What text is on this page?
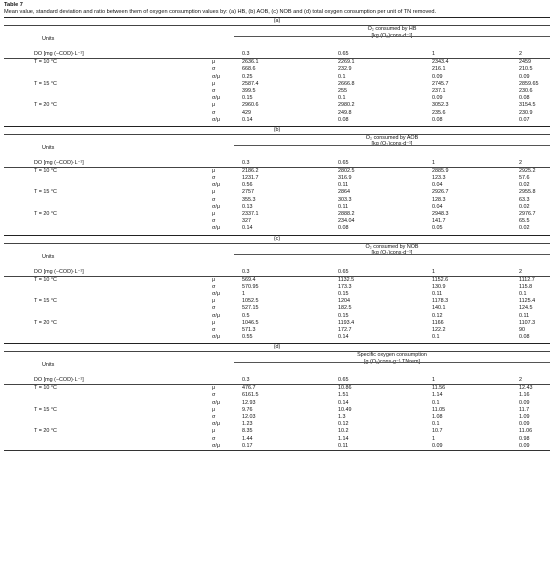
Table 7
Mean value, standard deviation and ratio between them of oxygen consumption values by: (a) HB, (b) AOB, (c) NOB and (d) total oxygen consumption per unit of TN removed.
(a)
Units
O₂ consumed by HB
[kg (O₂)cons·d⁻¹]
DO [mg (−COD)·L⁻¹]	0.3	0.65	1	2
T = 10 °C	μ	2636.1	2269.1	2343.4	2459
σ	668.6	232.9	216.1	210.5
σ/μ	0.25	0.1	0.09	0.09
T = 15 °C	μ	2587.4	2666.8	2745.7	2859.65
σ	399.5	255	237.1	230.6
σ/μ	0.15	0.1	0.09	0.08
T = 20 °C	μ	2960.6	2980.2	3052.3	3154.5
σ	429	249.8	235.6	230.9
σ/μ	0.14	0.08	0.08	0.07
(b)
Units
O₂ consumed by AOB
[kg (O₂)cons·d⁻¹]
DO [mg (−COD)·L⁻¹]	0.3	0.65	1	2
T = 10 °C	μ	2186.2	2802.5	2885.9	2925.2
σ	1231.7	316.9	123.3	57.6
σ/μ	0.56	0.11	0.04	0.02
T = 15 °C	μ	2757	2864	2926.7	2955.8
σ	355.3	303.3	128.3	63.3
σ/μ	0.13	0.11	0.04	0.02
T = 20 °C	μ	2337.1	2888.2	2948.3	2976.7
σ	327	234.04	141.7	65.5
σ/μ	0.14	0.08	0.05	0.02
(c)
Units
O₂ consumed by NOB
[kg (O₂)cons·d⁻¹]
DO [mg (−COD)·L⁻¹]	0.3	0.65	1	2
T = 10 °C	μ	569.4	1132.5	1152.6	1112.7
σ	570.95	173.3	130.9	115.8
σ/μ	1	0.15	0.11	0.1
T = 15 °C	μ	1052.5	1204	1178.3	1125.4
σ	527.15	182.5	140.1	124.5
σ/μ	0.5	0.15	0.12	0.11
T = 20 °C	μ	1046.5	1193.4	1166	1107.3
σ	571.3	172.7	122.2	90
σ/μ	0.55	0.14	0.1	0.08
(d)
Units
Specific oxygen consumption
[g (O₂)cons·g⁻¹ TNrem]
DO [mg (−COD)·L⁻¹]	0.3	0.65	1	2
T = 10 °C	μ	476.7	10.86	11.56	12.43
σ	6161.5	1.51	1.14	1.16
σ/μ	12.93	0.14	0.1	0.09
T = 15 °C	μ	9.76	10.49	11.05	11.7
σ	12.03	1.3	1.08	1.09
σ/μ	1.23	0.12	0.1	0.09
T = 20 °C	μ	8.35	10.2	10.7	11.06
σ	1.44	1.14	1	0.98
σ/μ	0.17	0.11	0.09	0.09
